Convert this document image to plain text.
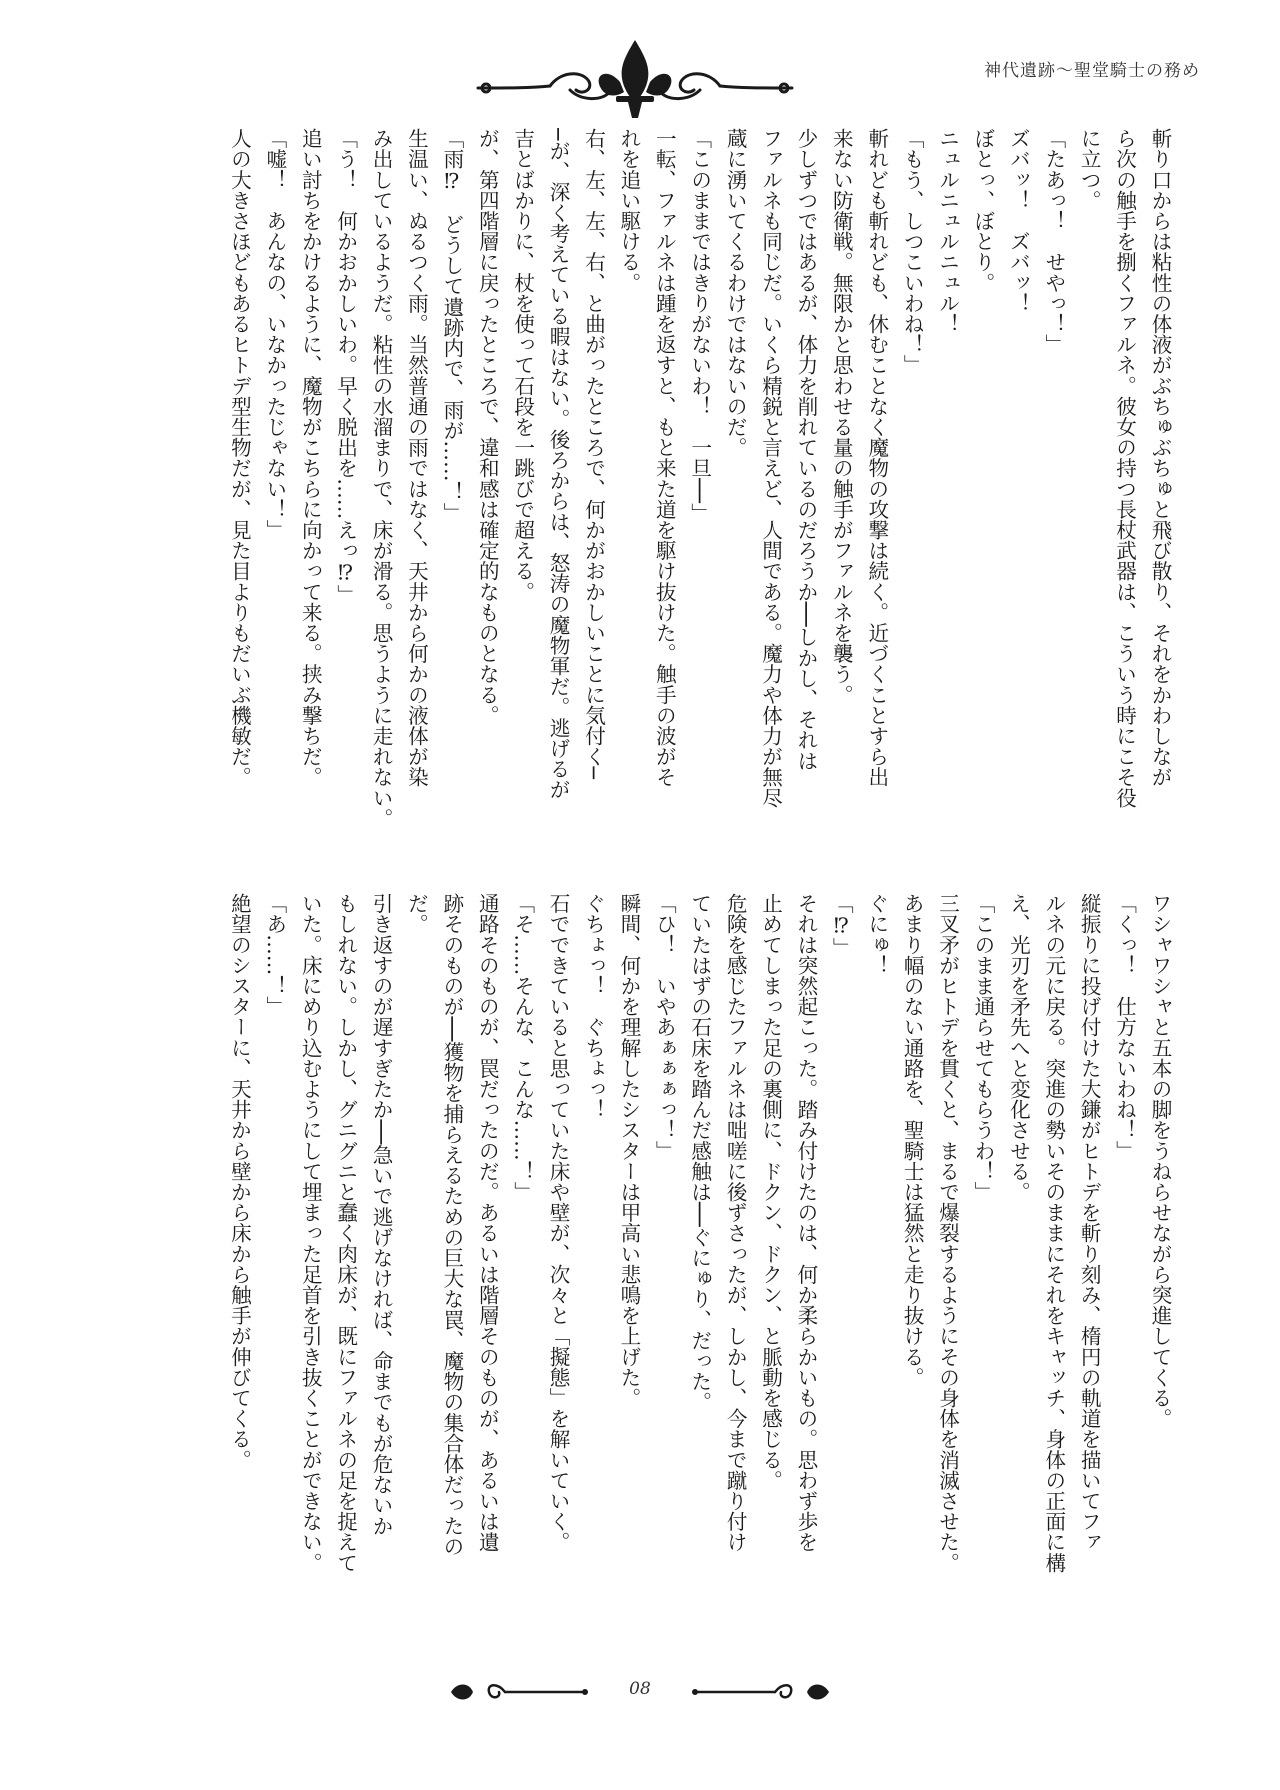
神代遺跡〜聖堂騎士の務め
斬り口からは粘性の体液がぶちゅぶちゅと飛び散り、それをかわしなが
ら次の触手を捌くファルネ。彼女の持つ長杖武器は、こういう時にこそ役
に立つ。
「たあっ！　せやっ！」
ズバッ！　ズバッ！
ぼとっ、ぼとり。
ニュルニュルニュル！
「もう、しつこいわね！」
斬れども斬れども、休むことなく魔物の攻撃は続く。近づくことすら出
来ない防衛戦。無限かと思わせる量の触手がファルネを襲う。
少しずつではあるが、体力を削れているのだろうか──しかし、それは
ファルネも同じだ。いくら精鋭と言えど、人間である。魔力や体力が無尽
蔵に湧いてくるわけではないのだ。
「このままではきりがないわ！　一旦──」
一転、ファルネは踵を返すと、もと来た道を駆け抜けた。触手の波がそ
れを追い駆ける。
右、左、左、右、と曲がったところで、何かがおかしいことに気付く─
─が、深く考えている暇はない。後ろからは、怒涛の魔物軍だ。逃げるが
吉とばかりに、杖を使って石段を一跳びで超える。
が、第四階層に戻ったところで、違和感は確定的なものとなる。
「雨⁉　どうして遺跡内で、雨が……！」
生温い、ぬるつく雨。当然普通の雨ではなく、天井から何かの液体が染
み出しているようだ。粘性の水溜まりで、床が滑る。思うように走れない。
「う！　何かおかしいわ。早く脱出を……えっ⁉」
追い討ちをかけるように、魔物がこちらに向かって来る。挟み撃ちだ。
「嘘！　あんなの、いなかったじゃない！」
人の大きさほどもあるヒトデ型生物だが、見た目よりもだいぶ機敏だ。
ワシャワシャと五本の脚をうねらせながら突進してくる。
「くっ！　仕方ないわね！」
縦振りに投げ付けた大鎌がヒトデを斬り刻み、楕円の軌道を描いてファ
ルネの元に戻る。突進の勢いそのままにそれをキャッチ、身体の正面に構
え、光刃を矛先へと変化させる。
「このまま通らせてもらうわ！」
三叉矛がヒトデを貫くと、まるで爆裂するようにその身体を消滅させた。
あまり幅のない通路を、聖騎士は猛然と走り抜ける。
ぐにゅ！
「⁉」
それは突然起こった。踏み付けたのは、何か柔らかいもの。思わず歩を
止めてしまった足の裏側に、ドクン、ドクン、と脈動を感じる。
危険を感じたファルネは咄嗟に後ずさったが、しかし、今まで蹴り付け
ていたはずの石床を踏んだ感触は──ぐにゅり、だった。
「ひ！　いやあぁぁぁっ！」
瞬間、何かを理解したシスターは甲高い悲鳴を上げた。
ぐちょっ！　ぐちょっ！
石でできていると思っていた床や壁が、次々と「擬態」を解いていく。
「そ……そんな、こんな……！」
通路そのものが、罠だったのだ。あるいは階層そのものが、あるいは遺
跡そのものが──獲物を捕らえるための巨大な罠、魔物の集合体だったの
だ。
引き返すのが遅すぎたか──急いで逃げなければ、命までもが危ないか
もしれない。しかし、グニグニと蠢く肉床が、既にファルネの足を捉えて
いた。床にめり込むようにして埋まった足首を引き抜くことができない。
「あ……！」
絶望のシスターに、天井から壁から床から触手が伸びてくる。
08
